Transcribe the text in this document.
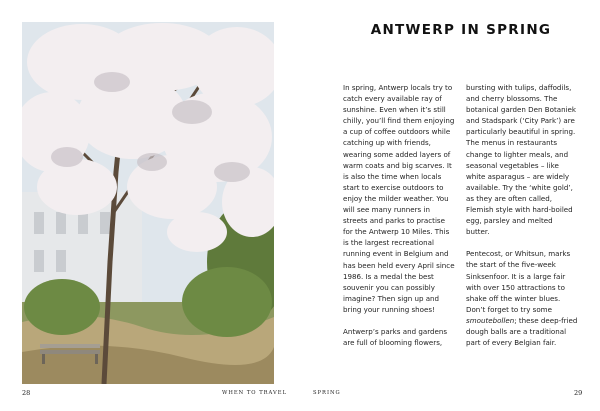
ANTWERP IN SPRING

In spring, Antwerp locals try to catch every available ray of sunshine. Even when it’s still chilly, you’ll find them enjoying a cup of coffee outdoors while catching up with friends, wearing some added layers of warm coats and big scarves. It is also the time when locals start to exercise outdoors to enjoy the milder weather. You will see many runners in streets and parks to practise for the Antwerp 10 Miles. This is the largest recreational running event in Belgium and has been held every April since 1986. Is a medal the best souvenir you can possibly imagine? Then sign up and bring your running shoes!

Antwerp’s parks and gardens are full of blooming flowers,

bursting with tulips, daffodils, and cherry blossoms. The botanical garden Den Botaniek and Stadspark (‘City Park’) are particularly beautiful in spring. The menus in restaurants change to lighter meals, and seasonal vegetables – like white asparagus – are widely available. Try the ‘white gold’, as they are often called, Flemish style with hard-boiled egg, parsley and melted butter.

Pentecost, or Whitsun, marks the start of the five-week Sinksenfoor. It is a large fair with over 150 attractions to shake off the winter blues. Don’t forget to try some smoutebollen; these deep-fried dough balls are a traditional part of every Belgian fair.

28	WHEN TO TRAVEL	SPRING	29
